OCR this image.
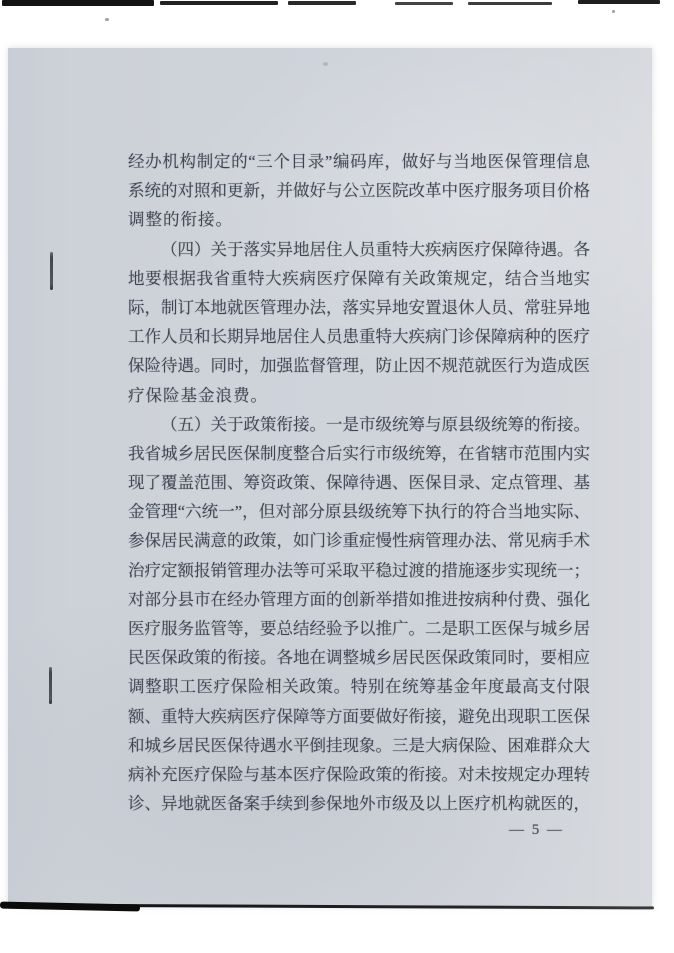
经办机构制定的“三个目录”编码库，做好与当地医保管理信息
系统的对照和更新，并做好与公立医院改革中医疗服务项目价格
调整的衔接。
（四）关于落实异地居住人员重特大疾病医疗保障待遇。各
地要根据我省重特大疾病医疗保障有关政策规定，结合当地实
际，制订本地就医管理办法，落实异地安置退休人员、常驻异地
工作人员和长期异地居住人员患重特大疾病门诊保障病种的医疗
保险待遇。同时，加强监督管理，防止因不规范就医行为造成医
疗保险基金浪费。
（五）关于政策衔接。一是市级统筹与原县级统筹的衔接。
我省城乡居民医保制度整合后实行市级统筹，在省辖市范围内实
现了覆盖范围、筹资政策、保障待遇、医保目录、定点管理、基
金管理“六统一”，但对部分原县级统筹下执行的符合当地实际、
参保居民满意的政策，如门诊重症慢性病管理办法、常见病手术
治疗定额报销管理办法等可采取平稳过渡的措施逐步实现统一；
对部分县市在经办管理方面的创新举措如推进按病种付费、强化
医疗服务监管等，要总结经验予以推广。二是职工医保与城乡居
民医保政策的衔接。各地在调整城乡居民医保政策同时，要相应
调整职工医疗保险相关政策。特别在统筹基金年度最高支付限
额、重特大疾病医疗保障等方面要做好衔接，避免出现职工医保
和城乡居民医保待遇水平倒挂现象。三是大病保险、困难群众大
病补充医疗保险与基本医疗保险政策的衔接。对未按规定办理转
诊、异地就医备案手续到参保地外市级及以上医疗机构就医的，
— 5 —
